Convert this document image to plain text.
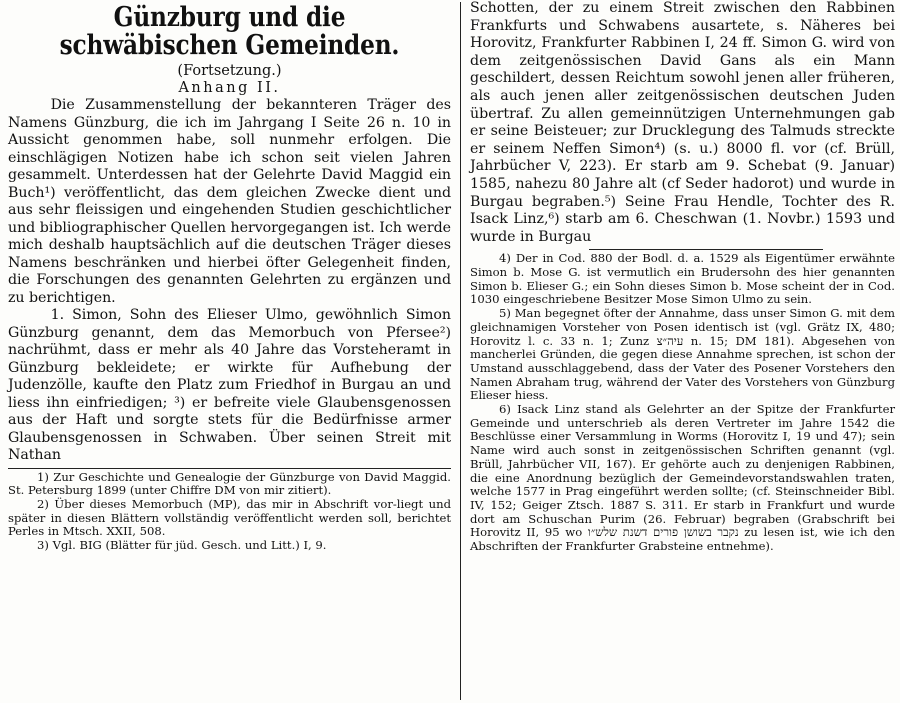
Günzburg und die schwäbischen Gemeinden.
(Fortsetzung.)
Anhang II.

Die Zusammenstellung der bekannteren Träger des Namens Günzburg, die ich im Jahrgang I Seite 26 n. 10 in Aussicht genommen habe, soll nunmehr erfolgen. Die einschlägigen Notizen habe ich schon seit vielen Jahren gesammelt. Unterdessen hat der Gelehrte David Maggid ein Buch¹) veröffentlicht, das dem gleichen Zwecke dient und aus sehr fleissigen und eingehenden Studien geschichtlicher und bibliographischer Quellen hervorgegangen ist. Ich werde mich deshalb hauptsächlich auf die deutschen Träger dieses Namens beschränken und hierbei öfter Gelegenheit finden, die Forschungen des genannten Gelehrten zu ergänzen und zu berichtigen.

1. Simon, Sohn des Elieser Ulmo, gewöhnlich Simon Günzburg genannt, dem das Memorbuch von Pfersee²) nachrühmt, dass er mehr als 40 Jahre das Vorsteheramt in Günzburg bekleidete; er wirkte für Aufhebung der Judenzölle, kaufte den Platz zum Friedhof in Burgau an und liess ihn einfriedigen; ³) er befreite viele Glaubensgenossen aus der Haft und sorgte stets für die Bedürfnisse armer Glaubensgenossen in Schwaben. Über seinen Streit mit Nathan

1) Zur Geschichte und Genealogie der Günzburge von David Maggid. St. Petersburg 1899 (unter Chiffre DM von mir zitiert).

2) Über dieses Memorbuch (MP), das mir in Abschrift vor-liegt und später in diesen Blättern vollständig veröffentlicht werden soll, berichtet Perles in Mtsch. XXII, 508.

3) Vgl. BIG (Blätter für jüd. Gesch. und Litt.) I, 9.

Schotten, der zu einem Streit zwischen den Rabbinen Frankfurts und Schwabens ausartete, s. Näheres bei Horovitz, Frankfurter Rabbinen I, 24 ff. Simon G. wird von dem zeitgenössischen David Gans als ein Mann geschildert, dessen Reichtum sowohl jenen aller früheren, als auch jenen aller zeitgenössischen deutschen Juden übertraf. Zu allen gemeinnützigen Unternehmungen gab er seine Beisteuer; zur Drucklegung des Talmuds streckte er seinem Neffen Simon⁴) (s. u.) 8000 fl. vor (cf. Brüll, Jahrbücher V, 223). Er starb am 9. Schebat (9. Januar) 1585, nahezu 80 Jahre alt (cf Seder hadorot) und wurde in Burgau begraben.⁵) Seine Frau Hendle, Tochter des R. Isack Linz,⁶) starb am 6. Cheschwan (1. Novbr.) 1593 und wurde in Burgau

4) Der in Cod. 880 der Bodl. d. a. 1529 als Eigentümer erwähnte Simon b. Mose G. ist vermutlich ein Brudersohn des hier genannten Simon b. Elieser G.; ein Sohn dieses Simon b. Mose scheint der in Cod. 1030 eingeschriebene Besitzer Mose Simon Ulmo zu sein.

5) Man begegnet öfter der Annahme, dass unser Simon G. mit dem gleichnamigen Vorsteher von Posen identisch ist (vgl. Grätz IX, 480; Horovitz l. c. 33 n. 1; Zunz עיה״צ n. 15; DM 181). Abgesehen von mancherlei Gründen, die gegen diese Annahme sprechen, ist schon der Umstand ausschlaggebend, dass der Vater des Posener Vorstehers den Namen Abraham trug, während der Vater des Vorstehers von Günzburg Elieser hiess.

6) Isack Linz stand als Gelehrter an der Spitze der Frankfurter Gemeinde und unterschrieb als deren Vertreter im Jahre 1542 die Beschlüsse einer Versammlung in Worms (Horovitz I, 19 und 47); sein Name wird auch sonst in zeitgenössischen Schriften genannt (vgl. Brüll, Jahrbücher VII, 167). Er gehörte auch zu denjenigen Rabbinen, die eine Anordnung bezüglich der Gemeindevorstandswahlen traten, welche 1577 in Prag eingeführt werden sollte; (cf. Steinschneider Bibl. IV, 152; Geiger Ztsch. 1887 S. 311. Er starb in Frankfurt und wurde dort am Schuschan Purim (26. Februar) begraben (Grabschrift bei Horovitz II, 95 wo נקבר בשושן פורים דשנת שלש״ו zu lesen ist, wie ich den Abschriften der Frankfurter Grabsteine entnehme).
